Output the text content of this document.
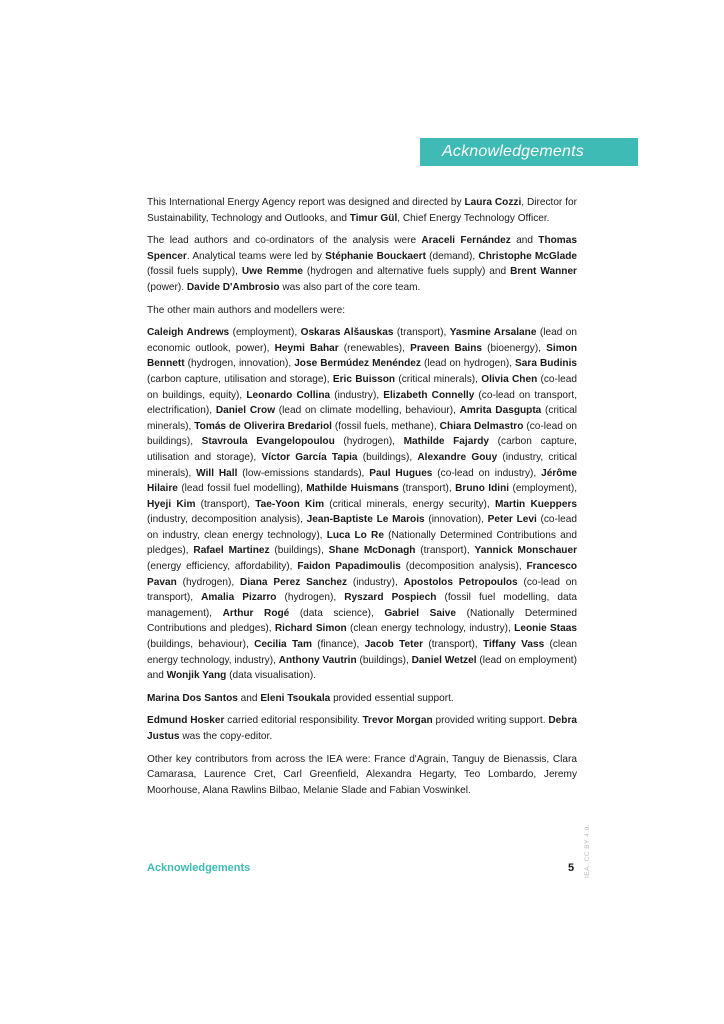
Acknowledgements

This International Energy Agency report was designed and directed by Laura Cozzi, Director for Sustainability, Technology and Outlooks, and Timur Gül, Chief Energy Technology Officer.

The lead authors and co-ordinators of the analysis were Araceli Fernández and Thomas Spencer. Analytical teams were led by Stéphanie Bouckaert (demand), Christophe McGlade (fossil fuels supply), Uwe Remme (hydrogen and alternative fuels supply) and Brent Wanner (power). Davide D'Ambrosio was also part of the core team.

The other main authors and modellers were:

Caleigh Andrews (employment), Oskaras Alšauskas (transport), Yasmine Arsalane (lead on economic outlook, power), Heymi Bahar (renewables), Praveen Bains (bioenergy), Simon Bennett (hydrogen, innovation), Jose Bermúdez Menéndez (lead on hydrogen), Sara Budinis (carbon capture, utilisation and storage), Eric Buisson (critical minerals), Olivia Chen (co-lead on buildings, equity), Leonardo Collina (industry), Elizabeth Connelly (co-lead on transport, electrification), Daniel Crow (lead on climate modelling, behaviour), Amrita Dasgupta (critical minerals), Tomás de Oliverira Bredariol (fossil fuels, methane), Chiara Delmastro (co-lead on buildings), Stavroula Evangelopoulou (hydrogen), Mathilde Fajardy (carbon capture, utilisation and storage), Víctor García Tapia (buildings), Alexandre Gouy (industry, critical minerals), Will Hall (low-emissions standards), Paul Hugues (co-lead on industry), Jérôme Hilaire (lead fossil fuel modelling), Mathilde Huismans (transport), Bruno Idini (employment), Hyeji Kim (transport), Tae-Yoon Kim (critical minerals, energy security), Martin Kueppers (industry, decomposition analysis), Jean-Baptiste Le Marois (innovation), Peter Levi (co-lead on industry, clean energy technology), Luca Lo Re (Nationally Determined Contributions and pledges), Rafael Martinez (buildings), Shane McDonagh (transport), Yannick Monschauer (energy efficiency, affordability), Faidon Papadimoulis (decomposition analysis), Francesco Pavan (hydrogen), Diana Perez Sanchez (industry), Apostolos Petropoulos (co-lead on transport), Amalia Pizarro (hydrogen), Ryszard Pospiech (fossil fuel modelling, data management), Arthur Rogé (data science), Gabriel Saive (Nationally Determined Contributions and pledges), Richard Simon (clean energy technology, industry), Leonie Staas (buildings, behaviour), Cecilia Tam (finance), Jacob Teter (transport), Tiffany Vass (clean energy technology, industry), Anthony Vautrin (buildings), Daniel Wetzel (lead on employment) and Wonjik Yang (data visualisation).

Marina Dos Santos and Eleni Tsoukala provided essential support.

Edmund Hosker carried editorial responsibility. Trevor Morgan provided writing support. Debra Justus was the copy-editor.

Other key contributors from across the IEA were: France d'Agrain, Tanguy de Bienassis, Clara Camarasa, Laurence Cret, Carl Greenfield, Alexandra Hegarty, Teo Lombardo, Jeremy Moorhouse, Alana Rawlins Bilbao, Melanie Slade and Fabian Voswinkel.

Acknowledgements	5 IEA. CC BY 4.0.
